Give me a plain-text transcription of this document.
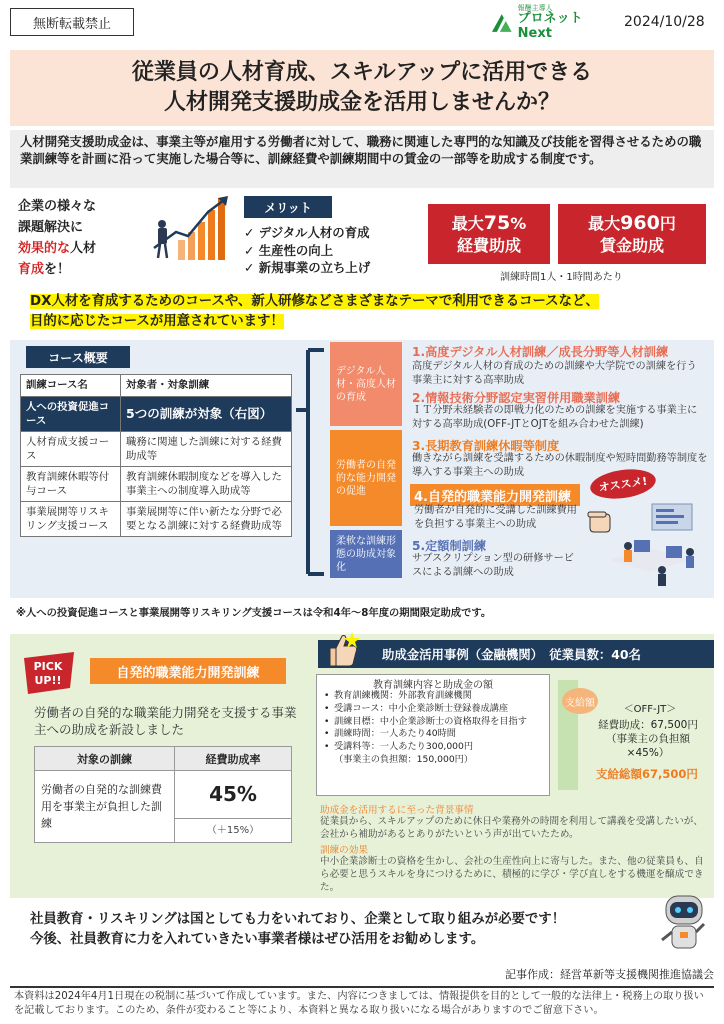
無断転載禁止
報酬主導人
プロネット Next
2024/10/28
従業員の人材育成、スキルアップに活用できる
人材開発支援助成金を活用しませんか？
人材開発支援助成金は、事業主等が雇用する労働者に対して、職務に関連した専門的な知識及び技能を習得させるための職業訓練等を計画に沿って実施した場合等に、訓練経費や訓練期間中の賃金の一部等を助成する制度です。
企業の様々な
課題解決に
効果的な人材
育成を！
メリット
✓ デジタル人材の育成
✓ 生産性の向上
✓ 新規事業の立ち上げ
最大75%
経費助成
最大960円
賃金助成
訓練時間1人・1時間あたり
DX人材を育成するためのコースや、新人研修などさまざまなテーマで利用できるコースなど、
目的に応じたコースが用意されています！
コース概要
訓練コース名	対象者・対象訓練
人への投資促進コース	5つの訓練が対象（右図）
人材育成支援コース	職務に関連した訓練に対する経費助成等
教育訓練休暇等付与コース	教育訓練休暇制度などを導入した事業主への制度導入助成等
事業展開等リスキリング支援コース	事業展開等に伴い新たな分野で必要となる訓練に対する経費助成等
デジタル人材・高度人材の育成
労働者の自発的な能力開発の促進
柔軟な訓練形態の助成対象化
1.高度デジタル人材訓練／成長分野等人材訓練
高度デジタル人材の育成のための訓練や大学院での訓練を行う事業主に対する高率助成
2.情報技術分野認定実習併用職業訓練
ＩＴ分野未経験者の即戦力化のための訓練を実施する事業主に対する高率助成(OFF-JTとOJTを組み合わせた訓練)
3.長期教育訓練休暇等制度
働きながら訓練を受講するための休暇制度や短時間勤務等制度を導入する事業主への助成
4.自発的職業能力開発訓練
労働者が自発的に受講した訓練費用を負担する事業主への助成
5.定額制訓練
サブスクリプション型の研修サービスによる訓練への助成
オススメ!
※人への投資促進コースと事業展開等リスキリング支援コースは令和4年～8年度の期間限定助成です。
PICK
UP!!	自発的職業能力開発訓練
労働者の自発的な職業能力開発を支援する事業主への助成を新設しました
対象の訓練	経費助成率
労働者の自発的な訓練費用を事業主が負担した訓練	45%
	（＋15%）
助成金活用事例（金融機関）　従業員数：40名
教育訓練内容と助成金の額
• 教育訓練機関：外部教育訓練機関
• 受講コース：中小企業診断士登録養成講座
• 訓練目標：中小企業診断士の資格取得を目指す
• 訓練時間：一人あたり40時間
• 受講料等：一人あたり300,000円
（事業主の負担額：150,000円）
支給額
＜OFF-JT＞
経費助成：67,500円
（事業主の負担額×45%）
支給総額67,500円
助成金を活用するに至った背景事情
従業員から、スキルアップのために休日や業務外の時間を利用して講義を受講したいが、会社から補助があるとありがたいという声が出ていたため。
訓練の効果
中小企業診断士の資格を生かし、会社の生産性向上に寄与した。また、他の従業員も、自ら必要と思うスキルを身につけるために、積極的に学び・学び直しをする機運を醸成できた。
社員教育・リスキリングは国としても力をいれており、企業として取り組みが必要です！
今後、社員教育に力を入れていきたい事業者様はぜひ活用をお勧めします。
記事作成：経営革新等支援機関推進協議会
本資料は2024年4月1日現在の税制に基づいて作成しています。また、内容につきましては、情報提供を目的として一般的な法律上・税務上の取り扱いを記載しております。このため、条件が変わること等により、本資料と異なる取り扱いになる場合がありますのでご留意下さい。
